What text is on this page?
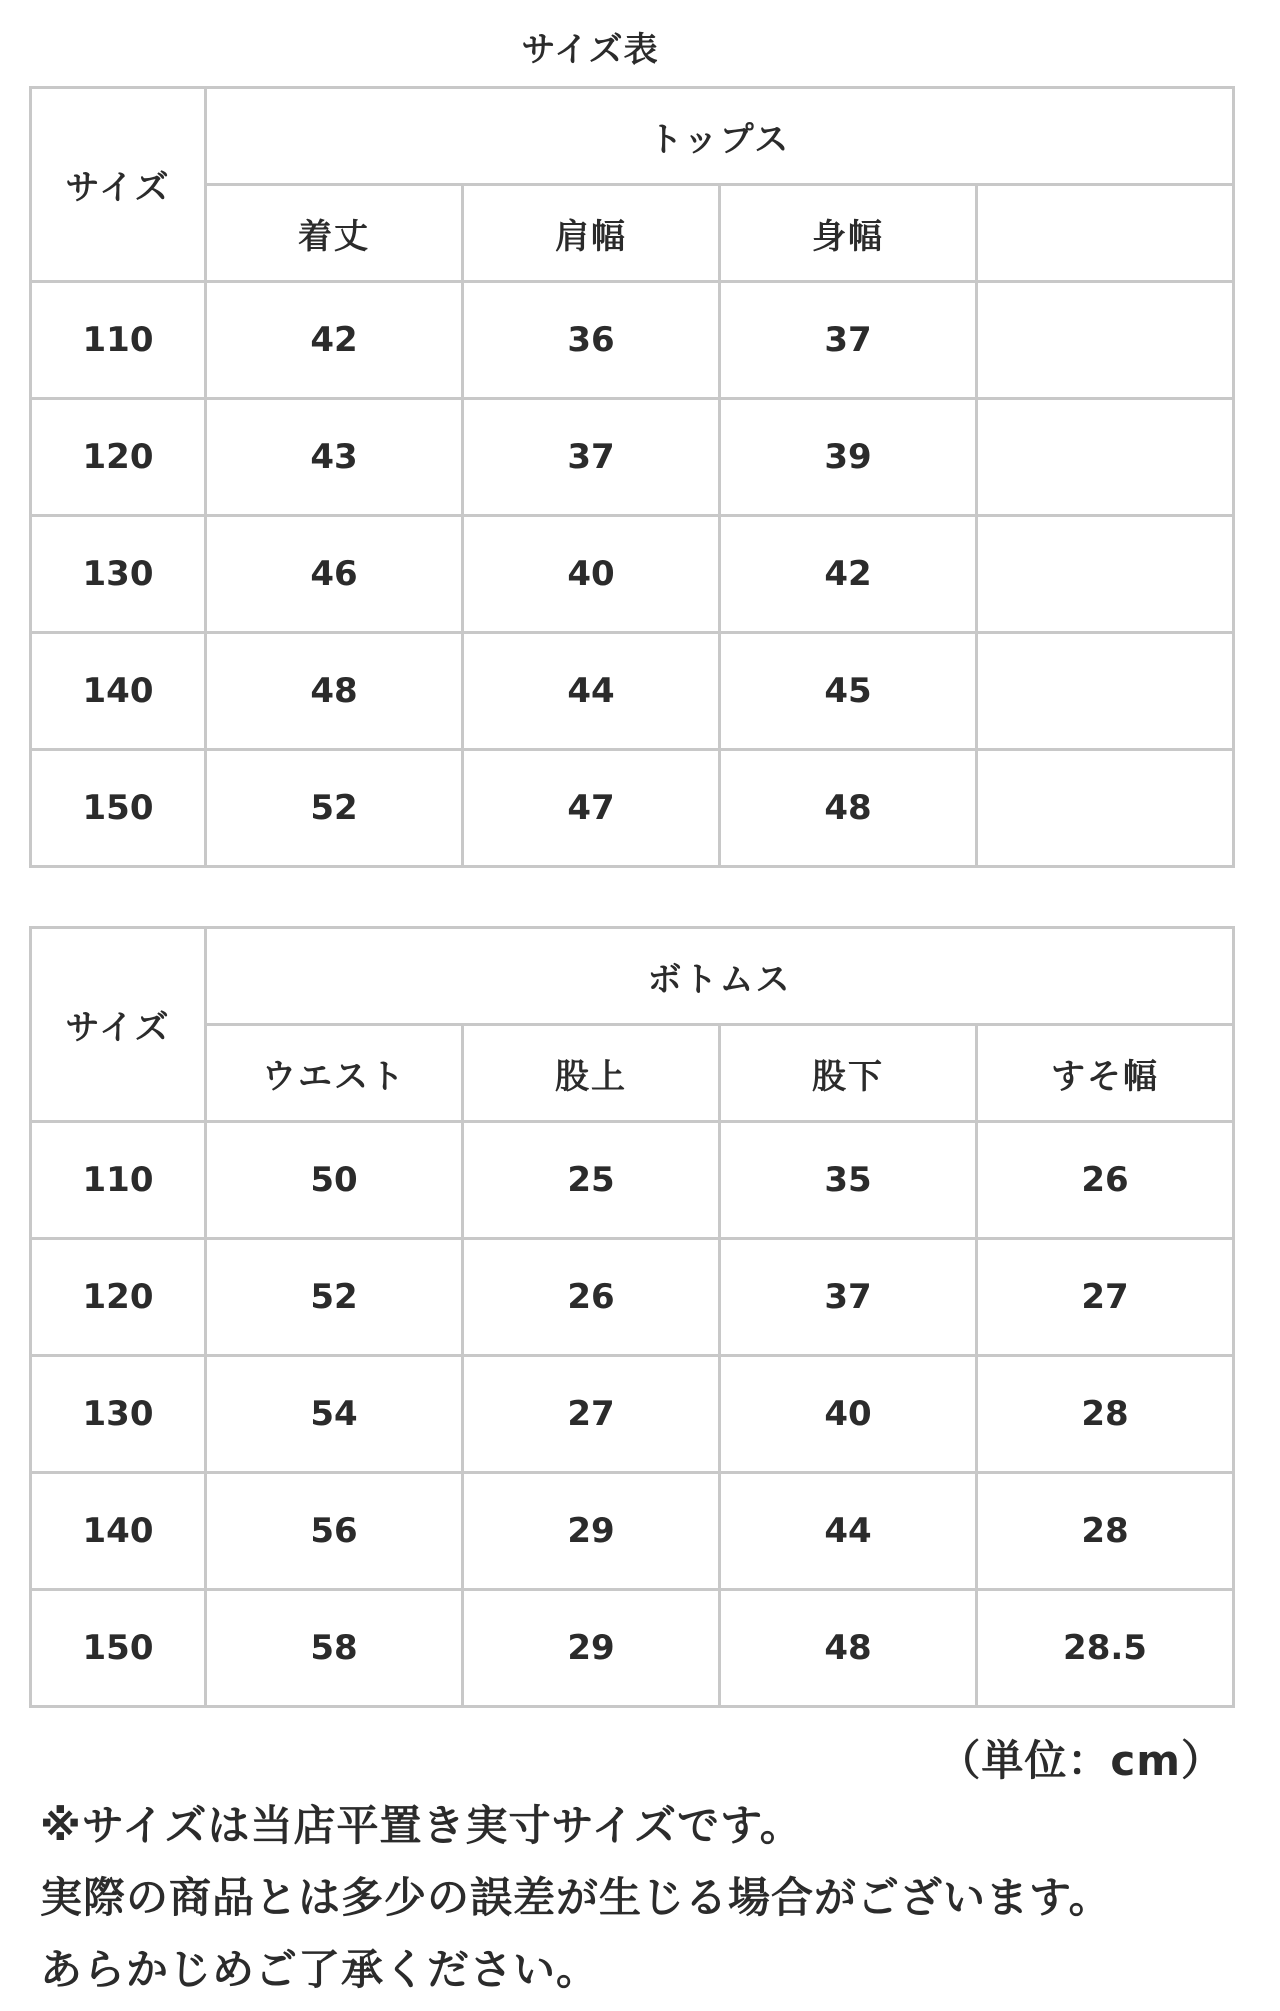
サイズ表
サイズ	トップス			
	着丈	肩幅	身幅	
110	42	36	37	
120	43	37	39	
130	46	40	42	
140	48	44	45	
150	52	47	48	
サイズ	ボトムス			
	ウエスト	股上	股下	すそ幅
110	50	25	35	26
120	52	26	37	27
130	54	27	40	28
140	56	29	44	28
150	58	29	48	28.5
（単位：cm）
※サイズは当店平置き実寸サイズです。
実際の商品とは多少の誤差が生じる場合がございます。
あらかじめご了承ください。
